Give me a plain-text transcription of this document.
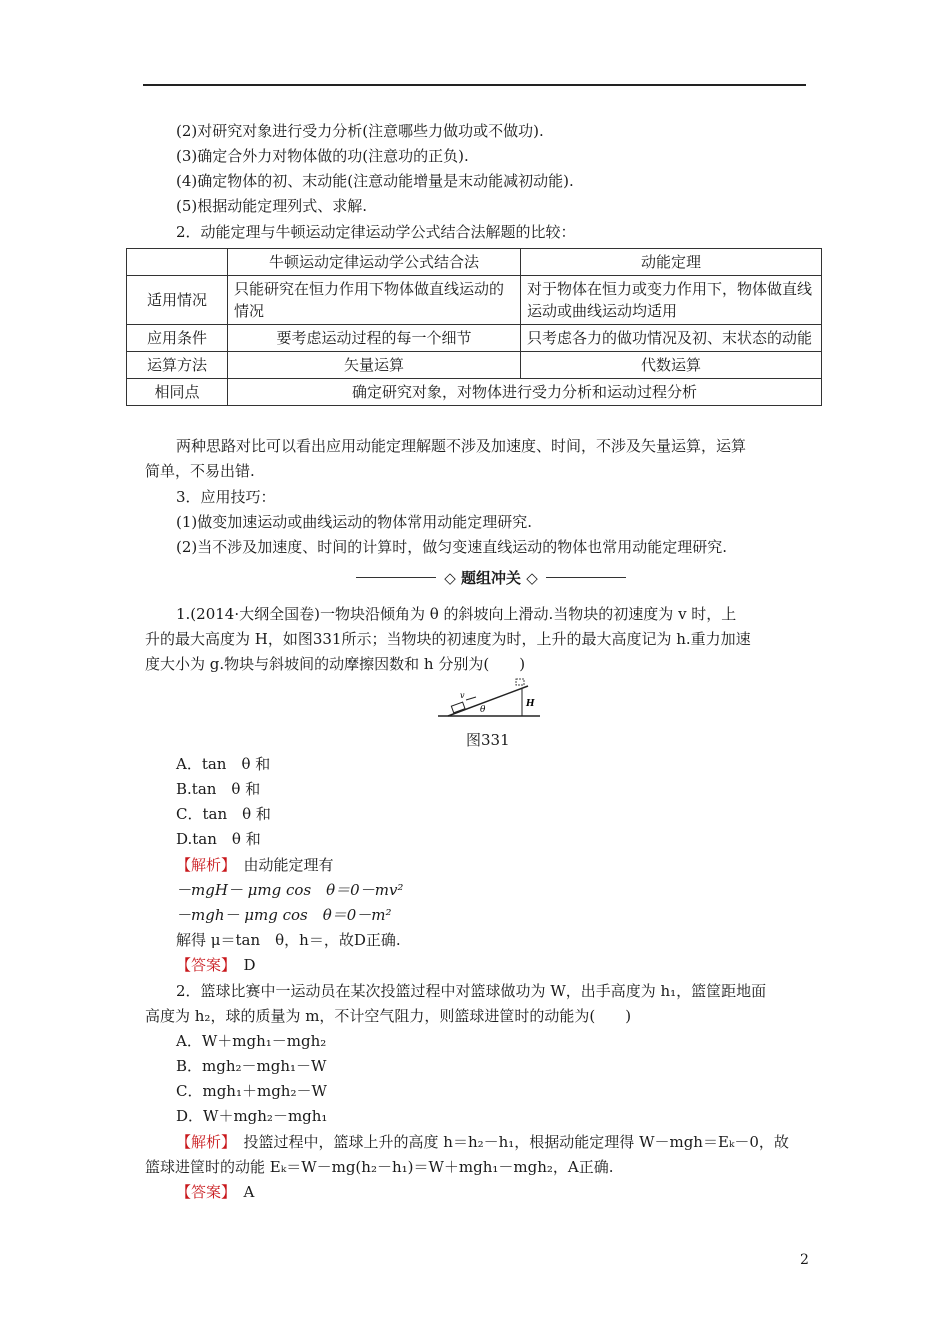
(2)对研究对象进行受力分析(注意哪些力做功或不做功).
(3)确定合外力对物体做的功(注意功的正负).
(4)确定物体的初、末动能(注意动能增量是末动能减初动能).
(5)根据动能定理列式、求解.
2．动能定理与牛顿运动定律运动学公式结合法解题的比较：
	牛顿运动定律运动学公式结合法	动能定理
适用情况	只能研究在恒力作用下物体做直线运动的情况	对于物体在恒力或变力作用下，物体做直线运动或曲线运动均适用
应用条件	要考虑运动过程的每一个细节	只考虑各力的做功情况及初、末状态的动能
运算方法	矢量运算	代数运算
相同点	确定研究对象，对物体进行受力分析和运动过程分析	
两种思路对比可以看出应用动能定理解题不涉及加速度、时间，不涉及矢量运算，运算
简单，不易出错.
3．应用技巧：
(1)做变加速运动或曲线运动的物体常用动能定理研究.
(2)当不涉及加速度、时间的计算时，做匀变速直线运动的物体也常用动能定理研究.
◇ 题组冲关 ◇
1.(2014·大纲全国卷)一物块沿倾角为 θ 的斜坡向上滑动.当物块的初速度为 v 时，上
升的最大高度为 H，如图331所示；当物块的初速度为时，上升的最大高度记为 h.重力加速
度大小为 g.物块与斜坡间的动摩擦因数和 h 分别为(　　)
v
θ
H
图331
A．tan　θ 和
B.tan　θ 和
C．tan　θ 和
D.tan　θ 和
【解析】　由动能定理有
－mgH－ μmg cos　θ＝0－mv²
－mgh－ μmg cos　θ＝0－m²
解得 μ＝tan　θ，h＝，故D正确.
【答案】　D
2．篮球比赛中一运动员在某次投篮过程中对篮球做功为 W，出手高度为 h₁，篮筐距地面
高度为 h₂，球的质量为 m，不计空气阻力，则篮球进筐时的动能为(　　)
A．W＋mgh₁－mgh₂
B．mgh₂－mgh₁－W
C．mgh₁＋mgh₂－W
D．W＋mgh₂－mgh₁
【解析】　投篮过程中，篮球上升的高度 h＝h₂－h₁，根据动能定理得 W－mgh＝Eₖ－0，故
篮球进筐时的动能 Eₖ＝W－mg(h₂－h₁)＝W＋mgh₁－mgh₂，A正确.
【答案】　A
2
